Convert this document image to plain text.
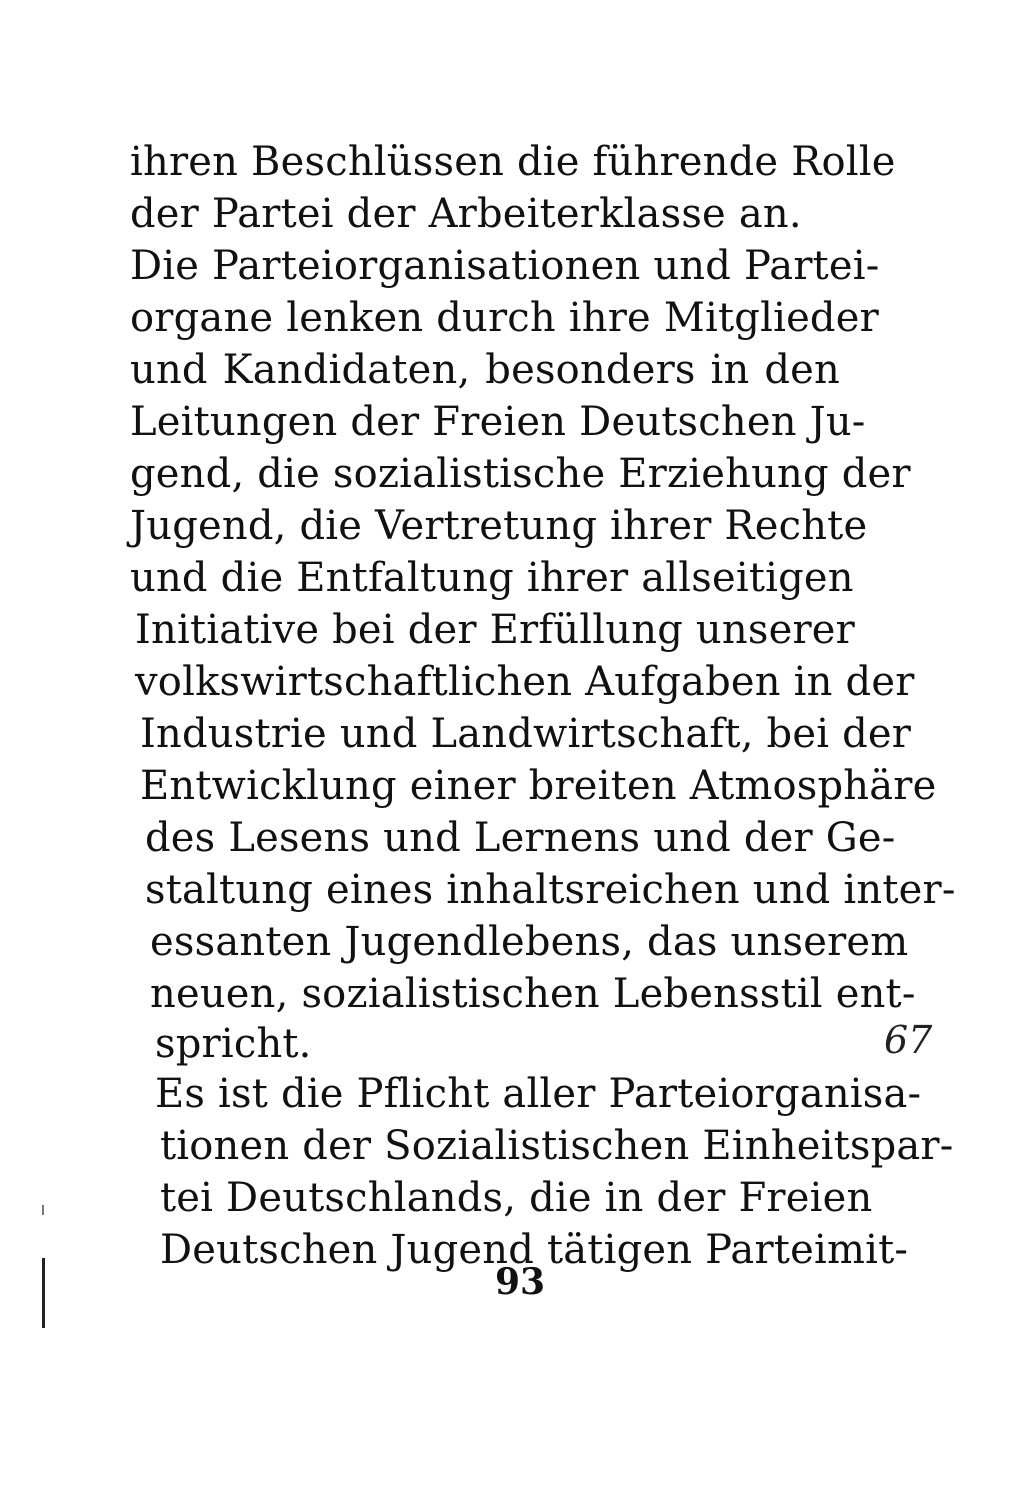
ihren Beschlüssen die führende Rolle
der Partei der Arbeiterklasse an.
Die Parteiorganisationen und Partei-
organe lenken durch ihre Mitglieder
und Kandidaten, besonders in den
Leitungen der Freien Deutschen Ju-
gend, die sozialistische Erziehung der
Jugend, die Vertretung ihrer Rechte
und die Entfaltung ihrer allseitigen
Initiative bei der Erfüllung unserer
volkswirtschaftlichen Aufgaben in der
Industrie und Landwirtschaft, bei der
Entwicklung einer breiten Atmosphäre
des Lesens und Lernens und der Ge-
staltung eines inhaltsreichen und inter-
essanten Jugendlebens, das unserem
neuen, sozialistischen Lebensstil ent-
spricht.
Es ist die Pflicht aller Parteiorganisa-
tionen der Sozialistischen Einheitspar-
tei Deutschlands, die in der Freien
Deutschen Jugend tätigen Parteimit-
67
93
